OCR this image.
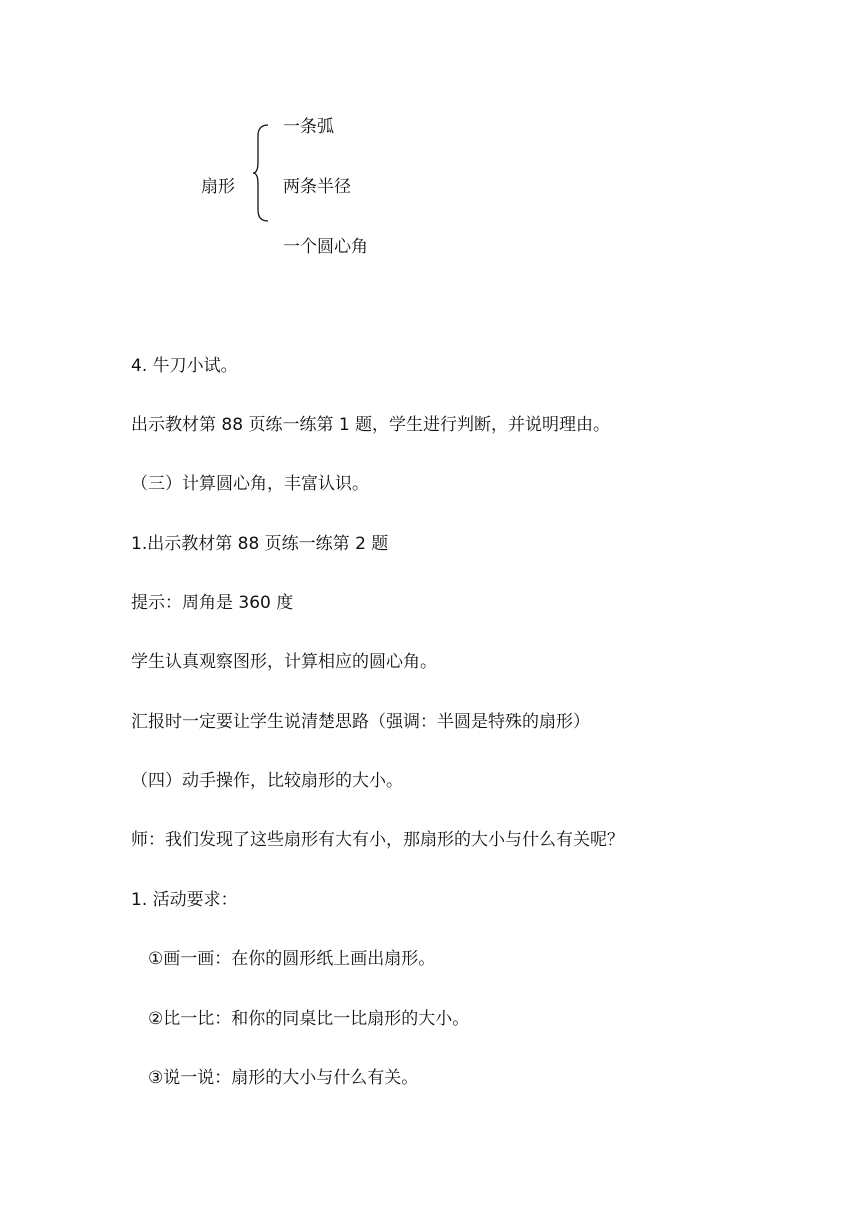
扇形
一条弧
两条半径
一个圆心角
4. 牛刀小试。
出示教材第 88 页练一练第 1 题，学生进行判断，并说明理由。
（三）计算圆心角，丰富认识。
1.出示教材第 88 页练一练第 2 题
提示：周角是 360 度
学生认真观察图形，计算相应的圆心角。
汇报时一定要让学生说清楚思路（强调：半圆是特殊的扇形）
（四）动手操作，比较扇形的大小。
师：我们发现了这些扇形有大有小，那扇形的大小与什么有关呢？
1. 活动要求：
①画一画：在你的圆形纸上画出扇形。
②比一比：和你的同桌比一比扇形的大小。
③说一说：扇形的大小与什么有关。
